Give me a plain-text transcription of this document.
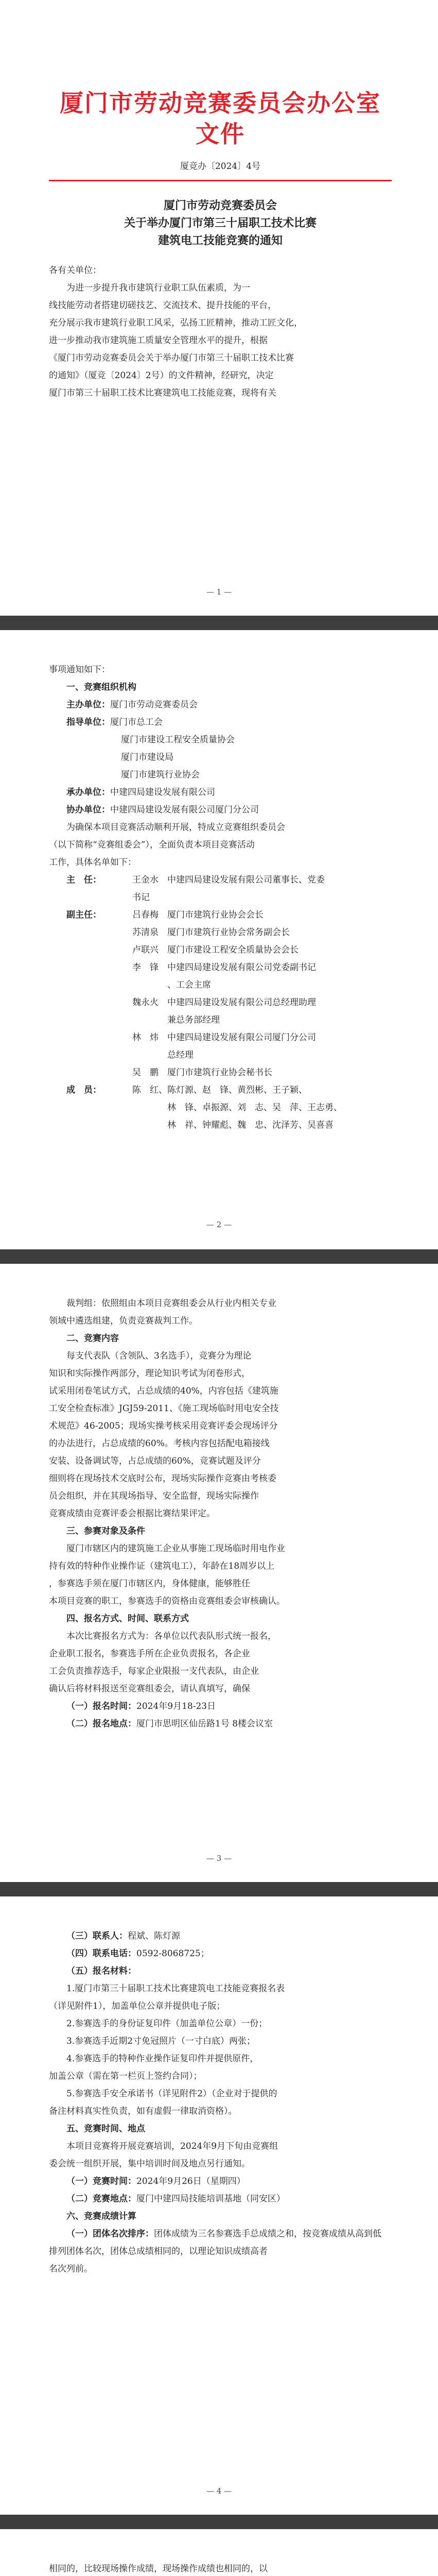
厦门市劳动竞赛委员会办公室文件

厦竞办〔2024〕4号

厦门市劳动竞赛委员会

关于举办厦门市第三十届职工技术比赛

建筑电工技能竞赛的通知

各有关单位：

为进一步提升我市建筑行业职工队伍素质，为一

线技能劳动者搭建切磋技艺、交流技术、提升技能的平台，

充分展示我市建筑行业职工风采，弘扬工匠精神，推动工匠文化，

进一步推动我市建筑施工质量安全管理水平的提升，根据

《厦门市劳动竞赛委员会关于举办厦门市第三十届职工技术比赛

的通知》（厦竞〔2024〕2号）的文件精神，经研究，决定

厦门市第三十届职工技术比赛建筑电工技能竞赛，现将有关

— 1 —

事项通知如下：

一、竞赛组织机构

主办单位：厦门市劳动竞赛委员会

指导单位：厦门市总工会

厦门市建设工程安全质量协会

厦门市建设局

厦门市建筑行业协会

承办单位：中建四局建设发展有限公司

协办单位：中建四局建设发展有限公司厦门分公司

为确保本项目竞赛活动顺利开展，特成立竞赛组织委员会

（以下简称“竞赛组委会”），全面负责本项目竞赛活动

工作，具体名单如下：

主　任：	王金水　中建四局建设发展有限公司董事长、党委
书记
副主任：	吕春梅　厦门市建筑行业协会会长
苏清泉　厦门市建筑行业协会常务副会长
卢联兴　厦门市建设工程安全质量协会会长
李　锋　中建四局建设发展有限公司党委副书记
　　　　、工会主席
魏永火　中建四局建设发展有限公司总经理助理
　　　　兼总务部经理
林　炜　中建四局建设发展有限公司厦门分公司
　　　　总经理
吴　鹏　厦门市建筑行业协会秘书长
成　员：	陈　红、陈灯源、赵　锋、黄烈彬、王子颖、
　　　　林　锋、卓振源、刘　志、吴　萍、王志勇、
　　　　林　祥、钟耀彪、魏　忠、沈泽芳、吴喜喜
— 2 —

裁判组：依照组由本项目竞赛组委会从行业内相关专业

领域中遴选组建，负责竞赛裁判工作。

二、竞赛内容

每支代表队（含领队、3名选手），竞赛分为理论

知识和实际操作两部分，理论知识考试为闭卷形式，

试采用闭卷笔试方式，占总成绩的40%，内容包括《建筑施

工安全检查标准》JGJ59-2011、《施工现场临时用电安全技

术规范》46-2005；现场实操考核采用竞赛评委会现场评分

的办法进行，占总成绩的60%。考核内容包括配电箱接线

安装、设备调试等，占总成绩的60%，竞赛试题及评分

细则将在现场技术交底时公布，现场实际操作竞赛由考核委

员会组织，并在其现场指导、安全监督，现场实际操作

竞赛成绩由竞赛评委会根据比赛结果评定。

三、参赛对象及条件

厦门市辖区内的建筑施工企业从事施工现场临时用电作业

持有效的特种作业操作证（建筑电工），年龄在18周岁以上

，参赛选手须在厦门市辖区内，身体健康，能够胜任

本项目竞赛的职工，参赛选手的资格由竞赛组委会审核确认。

四、报名方式、时间、联系方式

本次比赛报名方式为：各单位以代表队形式统一报名，

企业职工报名，参赛选手所在企业负责报名，各企业

工会负责推荐选手，每家企业限报一支代表队，由企业

确认后将材料报送至竞赛组委会，请认真填写，确保

（一）报名时间：2024年9月18-23日

（二）报名地点：厦门市思明区仙岳路1号 8楼会议室

— 3 —

（三）联系人：程斌、陈灯源

（四）联系电话：0592-8068725；

（五）报名材料：

1.厦门市第三十届职工技术比赛建筑电工技能竞赛报名表

（详见附件1），加盖单位公章并提供电子版；

2.参赛选手的身份证复印件（加盖单位公章）一份；

3.参赛选手近期2寸免冠照片（一寸白底）两张；

4.参赛选手的特种作业操作证复印件并提供原件，

加盖公章（需在第一栏页上签约合同）；

5.参赛选手安全承诺书（详见附件2）（企业对于提供的

备注材料真实性负责，如有虚假一律取消资格）。

五、竞赛时间、地点

本项目竞赛将开展竞赛培训，2024年9月下旬由竞赛组

委会统一组织开展，集中培训时间及地点另行通知。

（一）竞赛时间：2024年9月26日（星期四）

（二）竞赛地点：厦门中建四局技能培训基地（同安区）

六、竞赛成绩计算

（一）团体名次排序：团体成绩为三名参赛选手总成绩之和，按竞赛成绩从高到低

排列团体名次，团体总成绩相同的，以理论知识成绩高者

名次列前。

— 4 —

相同的，比较现场操作成绩，现场操作成绩也相同的，以
